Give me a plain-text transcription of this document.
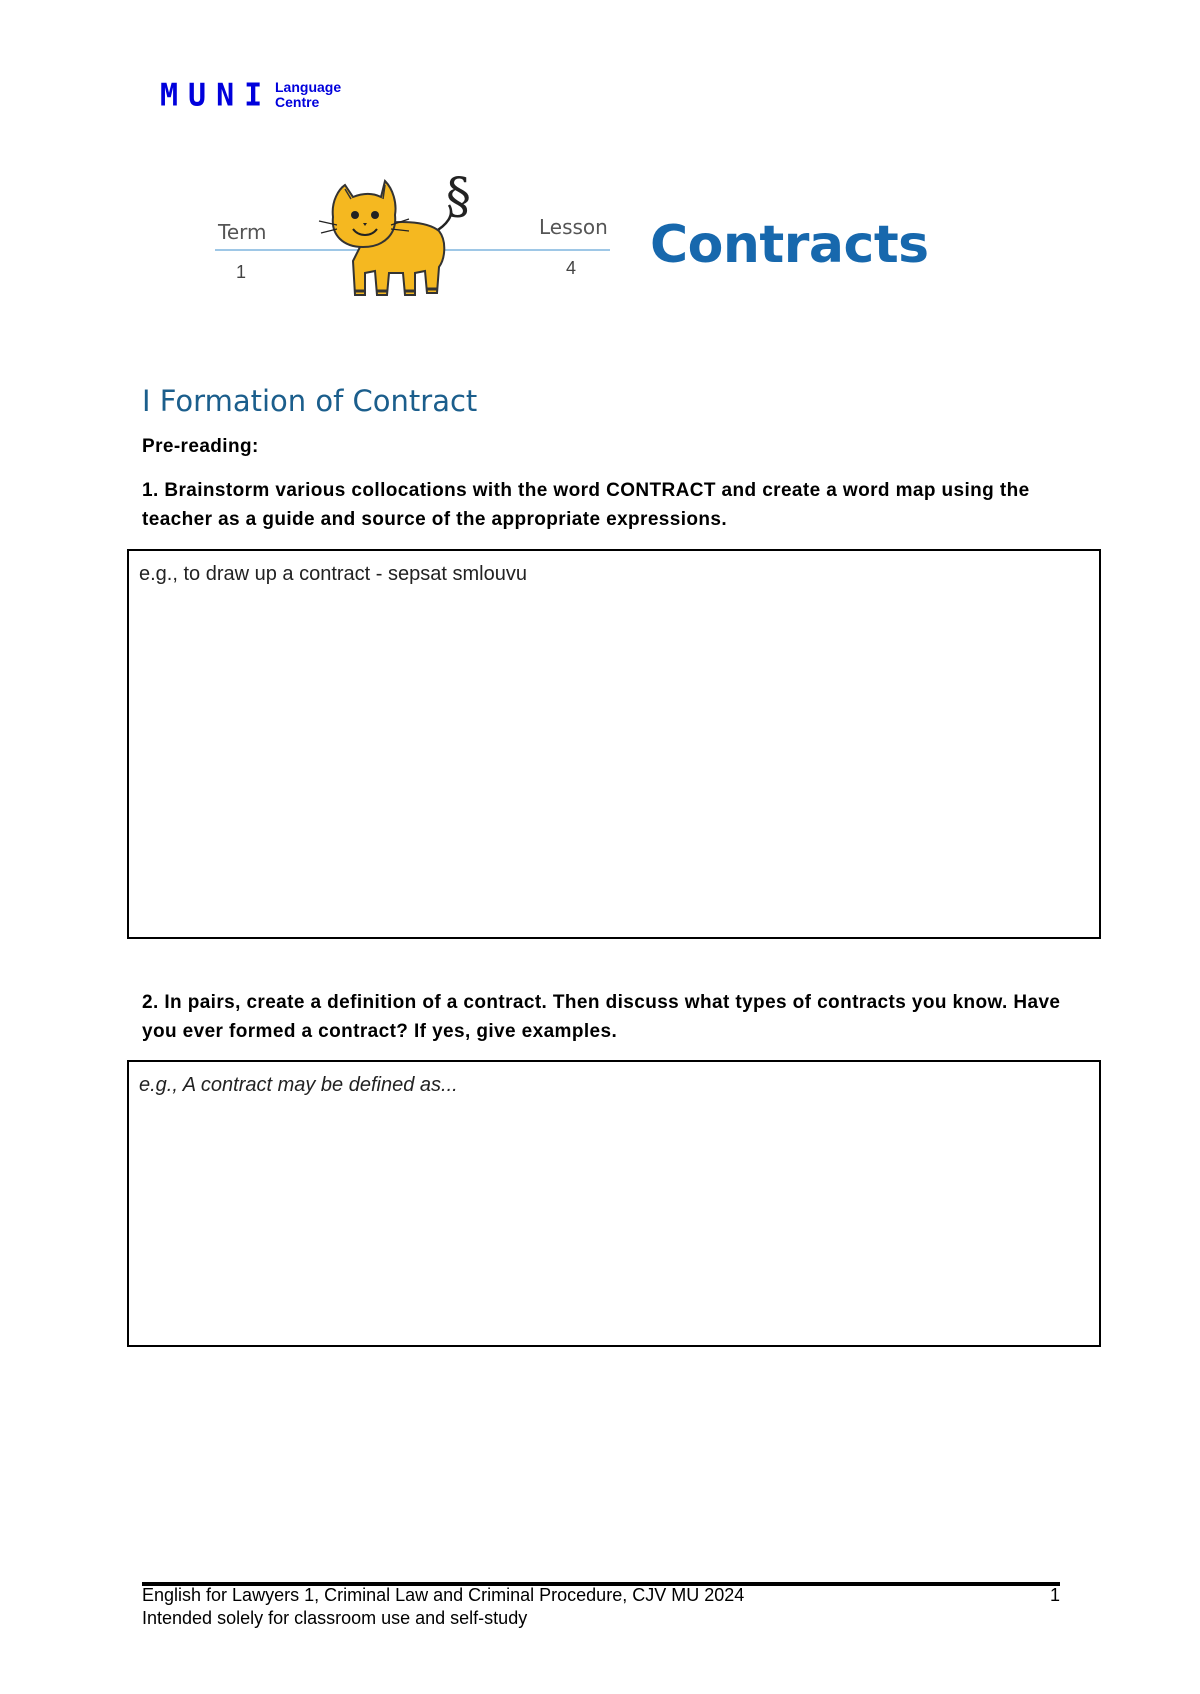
MUNI Language
Centre
Term
1
Lesson
4
§
Contracts
I Formation of Contract
Pre-reading:
1. Brainstorm various collocations with the word CONTRACT and create a word map using the teacher as a guide and source of the appropriate expressions.
e.g., to draw up a contract - sepsat smlouvu
2. In pairs, create a definition of a contract. Then discuss what types of contracts you know. Have you ever formed a contract? If yes, give examples.
e.g., A contract may be defined as...
English for Lawyers 1, Criminal Law and Criminal Procedure, CJV MU 2024	1
Intended solely for classroom use and self-study
